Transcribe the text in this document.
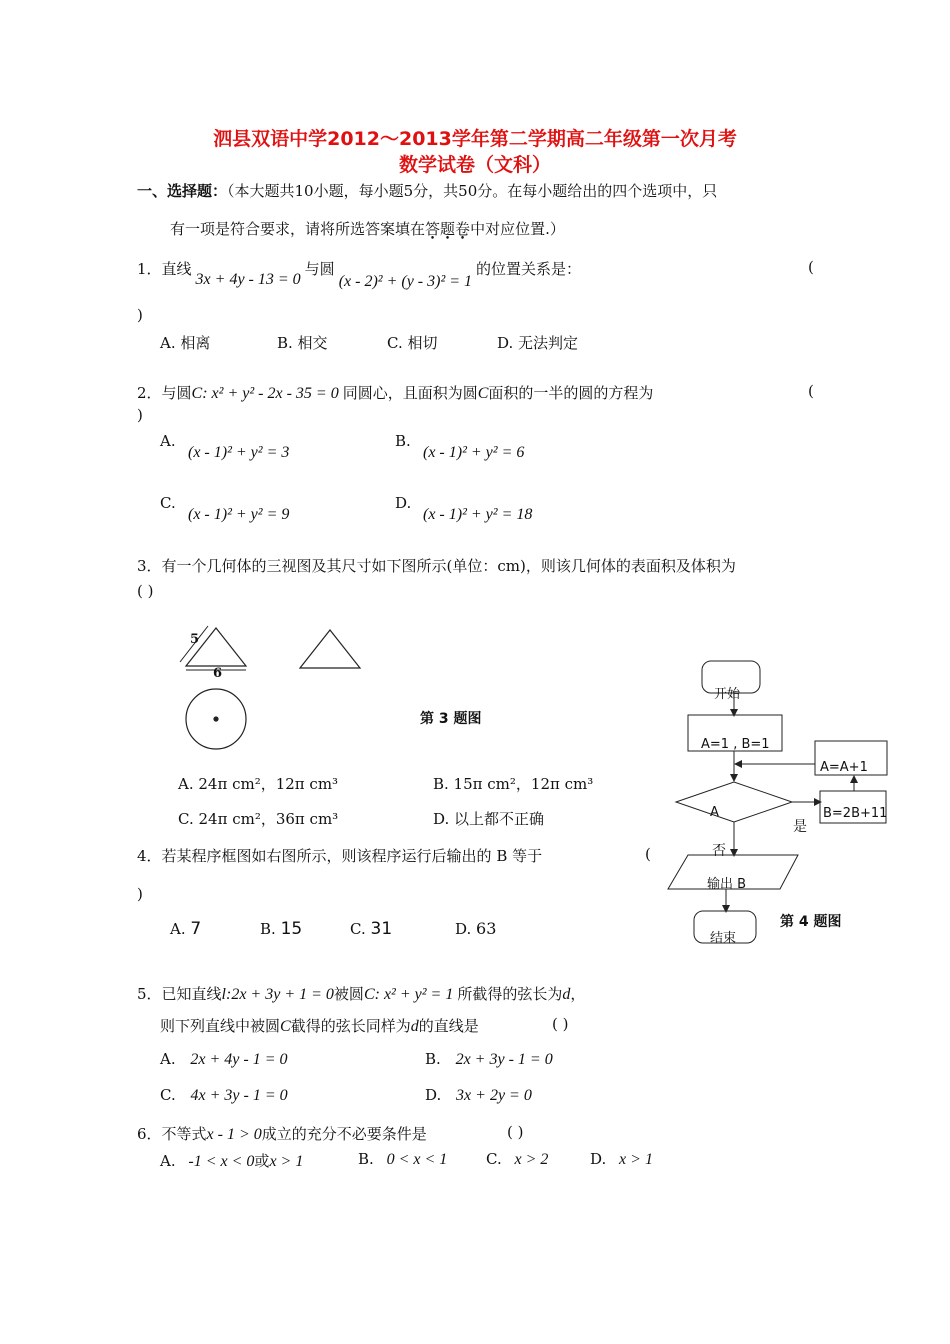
泗县双语中学2012～2013学年第二学期高二年级第一次月考
数学试卷（文科）
一、选择题：（本大题共10小题，每小题5分，共50分。在每小题给出的四个选项中，只
有一项是符合要求，请将所选答案填在答题卷中对应位置.）
1．直线3x + 4y - 13 = 0与圆(x - 2)² + (y - 3)² = 1的位置关系是：	(
)
A. 相离	B. 相交	C. 相切	D. 无法判定
2．与圆C: x² + y² - 2x - 35 = 0 同圆心，且面积为圆C面积的一半的圆的方程为	(
)
A.
(x - 1)² + y² = 3
B.
(x - 1)² + y² = 6
C.
(x - 1)² + y² = 9
D.
(x - 1)² + y² = 18
3．有一个几何体的三视图及其尺寸如下图所示(单位：cm)，则该几何体的表面积及体积为
( )
5
6
第 3 题图
A. 24π cm²，12π cm³	B. 15π cm²，12π cm³
C. 24π cm²，36π cm³	D. 以上都不正确
4．若某程序框图如右图所示，则该程序运行后输出的 B 等于	(
)
A. 7	B. 15	C. 31	D. 63
开始
A=1 , B=1
A=A+1
A	B=2B+11
是
否
输出 B
结束
第 4 题图
5．已知直线l:2x + 3y + 1 = 0被圆C: x² + y² = 1 所截得的弦长为d，
则下列直线中被圆C截得的弦长同样为d的直线是	( )
A. 2x + 4y - 1 = 0	B. 2x + 3y - 1 = 0
C. 4x + 3y - 1 = 0	D. 3x + 2y = 0
6．不等式x - 1 > 0成立的充分不必要条件是	( )
A. -1 < x < 0或x > 1	B. 0 < x < 1	C. x > 2	D. x > 1
